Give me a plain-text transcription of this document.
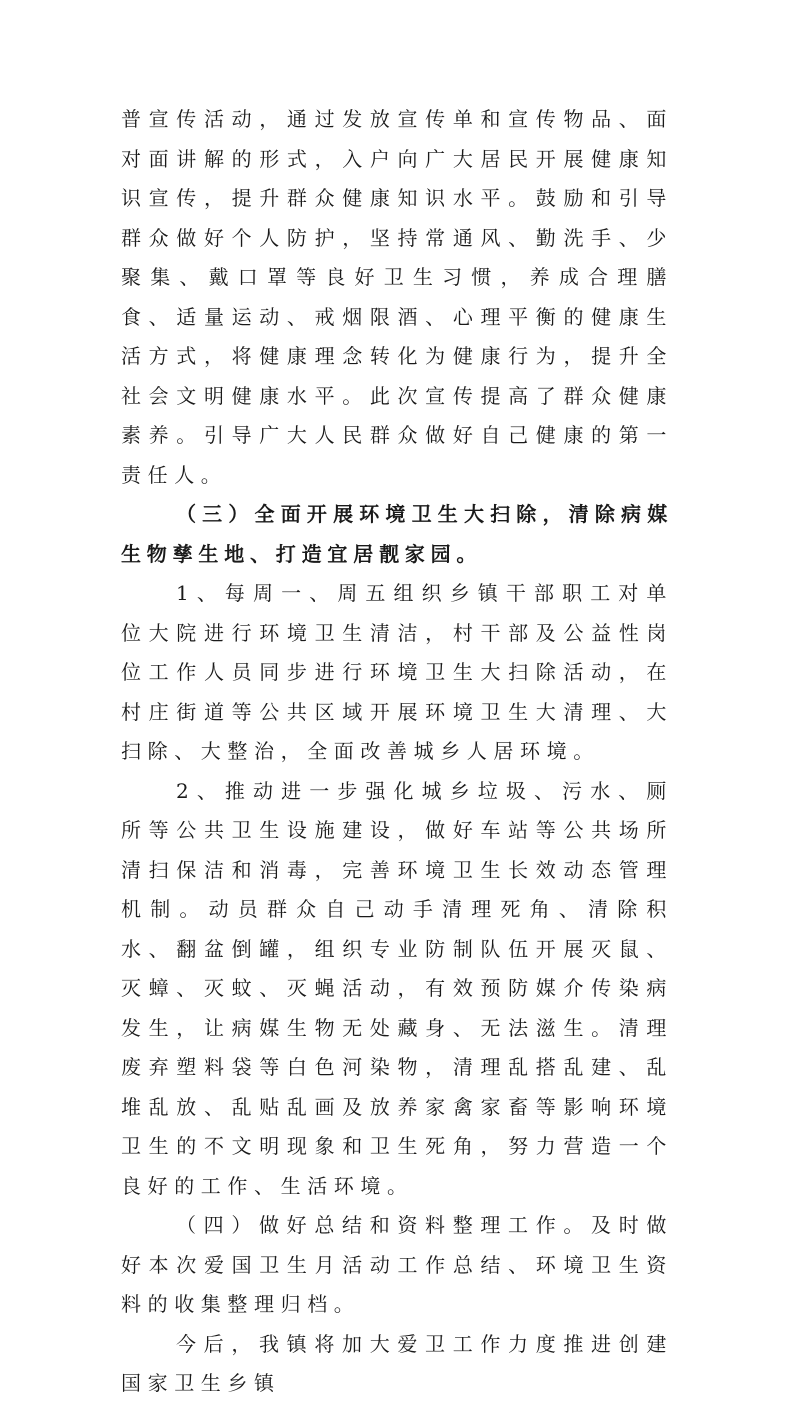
普宣传活动，通过发放宣传单和宣传物品、面对面讲解的形式，入户向广大居民开展健康知识宣传，提升群众健康知识水平。鼓励和引导群众做好个人防护，坚持常通风、勤洗手、少聚集、戴口罩等良好卫生习惯，养成合理膳食、适量运动、戒烟限酒、心理平衡的健康生活方式，将健康理念转化为健康行为，提升全社会文明健康水平。此次宣传提高了群众健康素养。引导广大人民群众做好自己健康的第一责任人。

（三）全面开展环境卫生大扫除，清除病媒生物孳生地、打造宜居靓家园。

1、每周一、周五组织乡镇干部职工对单位大院进行环境卫生清洁，村干部及公益性岗位工作人员同步进行环境卫生大扫除活动，在村庄街道等公共区域开展环境卫生大清理、大扫除、大整治，全面改善城乡人居环境。

2、推动进一步强化城乡垃圾、污水、厕所等公共卫生设施建设，做好车站等公共场所清扫保洁和消毒，完善环境卫生长效动态管理机制。动员群众自己动手清理死角、清除积水、翻盆倒罐，组织专业防制队伍开展灭鼠、灭蟑、灭蚊、灭蝇活动，有效预防媒介传染病发生，让病媒生物无处藏身、无法滋生。清理废弃塑料袋等白色河染物，清理乱搭乱建、乱堆乱放、乱贴乱画及放养家禽家畜等影响环境卫生的不文明现象和卫生死角，努力营造一个良好的工作、生活环境。

（四）做好总结和资料整理工作。及时做好本次爱国卫生月活动工作总结、环境卫生资料的收集整理归档。

今后，我镇将加大爱卫工作力度推进创建国家卫生乡镇
